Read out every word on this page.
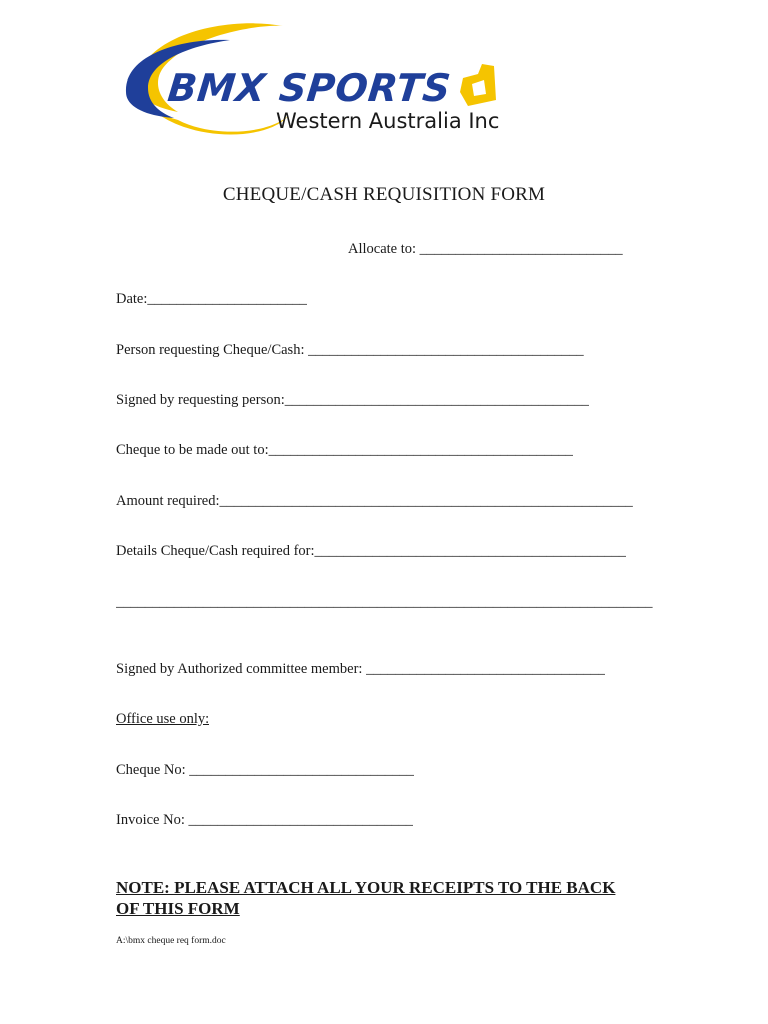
BMX SPORTS
Western Australia Inc
CHEQUE/CASH REQUISITION FORM
Allocate to: ____________________________
Date:______________________
Person requesting Cheque/Cash: ______________________________________
Signed by requesting person:__________________________________________
Cheque to be made out to:__________________________________________
Amount required:_________________________________________________________
Details Cheque/Cash required for:___________________________________________
__________________________________________________________________________
Signed by Authorized committee member: _________________________________
Office use only:
Cheque No: _______________________________
Invoice No: _______________________________
NOTE: PLEASE ATTACH ALL YOUR RECEIPTS TO THE BACK OF THIS FORM
A:\bmx cheque req form.doc
